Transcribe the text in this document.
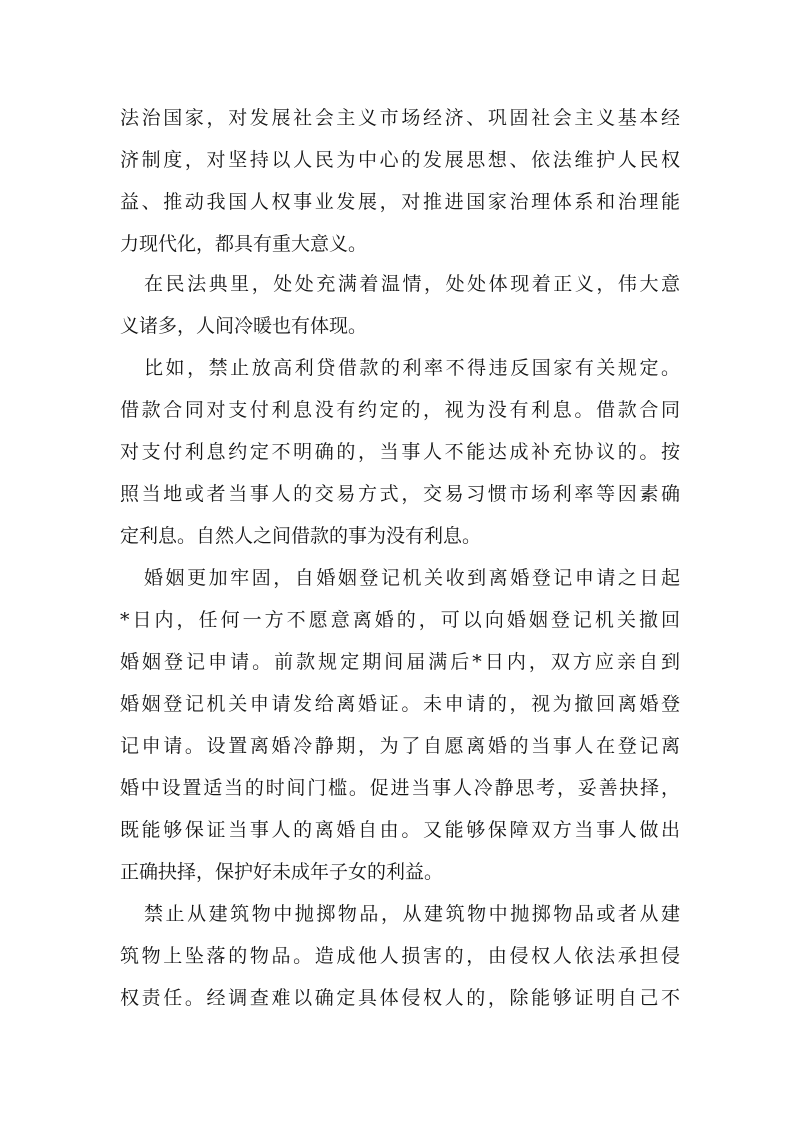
法治国家，对发展社会主义市场经济、巩固社会主义基本经
济制度，对坚持以人民为中心的发展思想、依法维护人民权
益、推动我国人权事业发展，对推进国家治理体系和治理能
力现代化，都具有重大意义。
在民法典里，处处充满着温情，处处体现着正义，伟大意
义诸多，人间冷暖也有体现。
比如，禁止放高利贷借款的利率不得违反国家有关规定。
借款合同对支付利息没有约定的，视为没有利息。借款合同
对支付利息约定不明确的，当事人不能达成补充协议的。按
照当地或者当事人的交易方式，交易习惯市场利率等因素确
定利息。自然人之间借款的事为没有利息。
婚姻更加牢固，自婚姻登记机关收到离婚登记申请之日起
*日内，任何一方不愿意离婚的，可以向婚姻登记机关撤回
婚姻登记申请。前款规定期间届满后*日内，双方应亲自到
婚姻登记机关申请发给离婚证。未申请的，视为撤回离婚登
记申请。设置离婚冷静期，为了自愿离婚的当事人在登记离
婚中设置适当的时间门槛。促进当事人冷静思考，妥善抉择，
既能够保证当事人的离婚自由。又能够保障双方当事人做出
正确抉择，保护好未成年子女的利益。
禁止从建筑物中抛掷物品，从建筑物中抛掷物品或者从建
筑物上坠落的物品。造成他人损害的，由侵权人依法承担侵
权责任。经调查难以确定具体侵权人的，除能够证明自己不
